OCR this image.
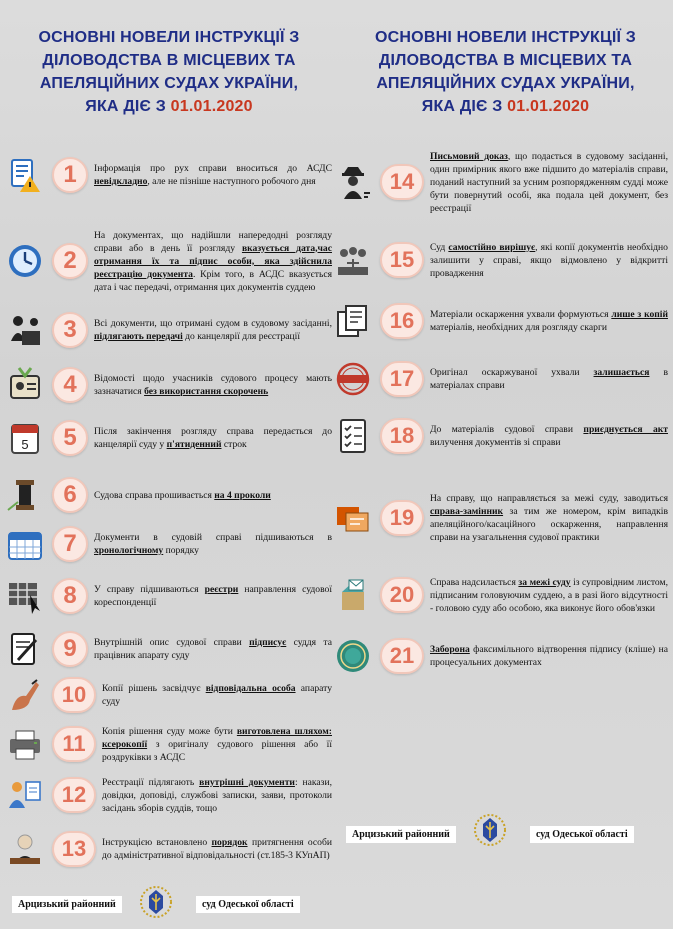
ОСНОВНІ НОВЕЛИ ІНСТРУКЦІЇ З
ДІЛОВОДСТВА В МІСЦЕВИХ ТА
АПЕЛЯЦІЙНИХ СУДАХ УКРАЇНИ,
ЯКА ДІЄ З 01.01.2020
ОСНОВНІ НОВЕЛИ ІНСТРУКЦІЇ З
ДІЛОВОДСТВА В МІСЦЕВИХ ТА
АПЕЛЯЦІЙНИХ СУДАХ УКРАЇНИ,
ЯКА ДІЄ З 01.01.2020
1	Інформація про рух справи вноситься до АСДС невідкладно, але не пізніше наступного робочого дня
2
На документах, що надійшли напередодні розгляду справи або в день її розгляду вказується дата,час отримання їх та підпис особи, яка здійснила реєстрацію документа. Крім того, в АСДС вказується дата і час передачі, отримання цих документів суддею
3	Всі документи, що отримані судом в судовому засіданні, підлягають передачі до канцелярії для реєстрації
4	Відомості щодо учасників судового процесу мають зазначатися без використання скорочень
5	5	Після закінчення розгляду справа передається до канцелярії суду у п'ятиденний строк
6	Судова справа прошивається на 4 проколи
7	Документи в судовій справі підшиваються в хронологічному порядку
8	У справу підшиваються реєстри направлення судової кореспонденції
9	Внутрішній опис судової справи підписує суддя та працівник апарату суду
10	Копії рішень засвідчує відповідальна особа апарату суду
11	Копія рішення суду може бути виготовлена шляхом: ксерокопії з оригіналу судового рішення або її роздруківки з АСДС
12	Реєстрації підлягають внутрішні документи: накази, довідки, доповіді, службові записки, заяви, протоколи засідань зборів суддів, тощо
13	Інструкцією встановлено порядок притягнення особи до адміністративної відповідальності (ст.185-3 КУпАП)
14
Письмовий доказ, що подається в судовому засіданні, один примірник якого вже підшито до матеріалів справи, поданий наступний за усним розпорядженням судді може бути повернутий особі, яка подала цей документ, без реєстрації
15	Суд самостійно вирішує, які копії документів необхідно залишити у справі, якщо відмовлено у відкритті провадження
16	Матеріали оскарження ухвали формуються лише з копій матеріалів, необхідних для розгляду скарги
17	Оригінал оскаржуваної ухвали залишається в матеріалах справи
18	До матеріалів судової справи приєднується акт вилучення документів зі справи
19
На справу, що направляється за межі суду, заводиться справа-замінник за тим же номером, крім випадків апеляційного/касаційного оскарження, направлення справи на узагальнення судової практики
20	Справа надсилається за межі суду із супровідним листом, підписаним головуючим суддею, а в разі його відсутності - головою суду або особою, яка виконує його обов'язки
21	Заборона факсимільного відтворення підпису (кліше) на процесуальних документах
Арцизький районний	суд Одеської області
Арцизький районний	суд Одеської області
